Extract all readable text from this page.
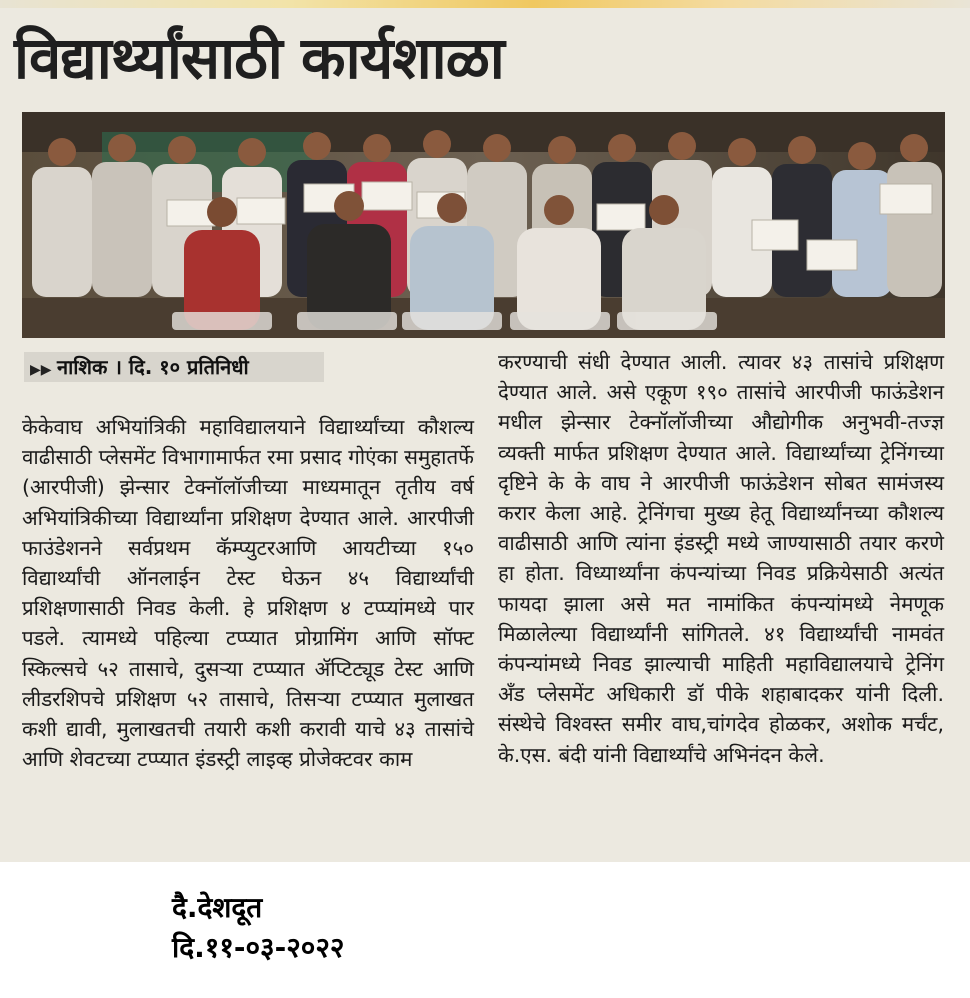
विद्यार्थ्यांसाठी कार्यशाळा
▶▶ नाशिक । दि. १० प्रतिनिधी

केकेवाघ अभियांत्रिकी महाविद्यालयाने विद्यार्थ्यांच्या कौशल्य वाढीसाठी प्लेसमेंट विभागामार्फत रमा प्रसाद गोएंका समुहातर्फे (आरपीजी) झेन्सार टेक्नॉलॉजीच्या माध्यमातून तृतीय वर्ष अभियांत्रिकीच्या विद्यार्थ्यांना प्रशिक्षण देण्यात आले. आरपीजी फाउंडेशनने सर्वप्रथम कॅम्प्युटरआणि आयटीच्या १५० विद्यार्थ्यांची ऑनलाईन टेस्ट घेऊन ४५ विद्यार्थ्यांची प्रशिक्षणासाठी निवड केली. हे प्रशिक्षण ४ टप्प्यांमध्ये पार पडले. त्यामध्ये पहिल्या टप्प्यात प्रोग्रामिंग आणि सॉफ्ट स्किल्सचे ५२ तासाचे, दुसऱ्या टप्प्यात ॲप्टिट्यूड टेस्ट आणि लीडरशिपचे प्रशिक्षण ५२ तासाचे, तिसऱ्या टप्प्यात मुलाखत कशी द्यावी, मुलाखतची तयारी कशी करावी याचे ४३ तासांचे आणि शेवटच्या टप्प्यात इंडस्ट्री लाइव्ह प्रोजेक्टवर काम

करण्याची संधी देण्यात आली. त्यावर ४३ तासांचे प्रशिक्षण देण्यात आले. असे एकूण १९० तासांचे आरपीजी फाऊंडेशन मधील झेन्सार टेक्नॉलॉजीच्या औद्योगीक अनुभवी-तज्ज्ञ व्यक्ती मार्फत प्रशिक्षण देण्यात आले. विद्यार्थ्यांच्या ट्रेनिंगच्या दृष्टिने के के वाघ ने आरपीजी फाऊंडेशन सोबत सामंजस्य करार केला आहे. ट्रेनिंगचा मुख्य हेतू विद्यार्थ्यांनच्या कौशल्य वाढीसाठी आणि त्यांना इंडस्ट्री मध्ये जाण्यासाठी तयार करणे हा होता. विध्यार्थ्यांना कंपन्यांच्या निवड प्रक्रियेसाठी अत्यंत फायदा झाला असे मत नामांकित कंपन्यांमध्ये नेमणूक मिळालेल्या विद्यार्थ्यांनी सांगितले. ४१ विद्यार्थ्यांची नामवंत कंपन्यांमध्ये निवड झाल्याची माहिती महाविद्यालयाचे ट्रेनिंग अँड प्लेसमेंट अधिकारी डॉ पीके शहाबादकर यांनी दिली. संस्थेचे विश्वस्त समीर वाघ,चांगदेव होळकर, अशोक मर्चंट, के.एस. बंदी यांनी विद्यार्थ्यांचे अभिनंदन केले.

दै.देशदूत
दि.११-०३-२०२२
